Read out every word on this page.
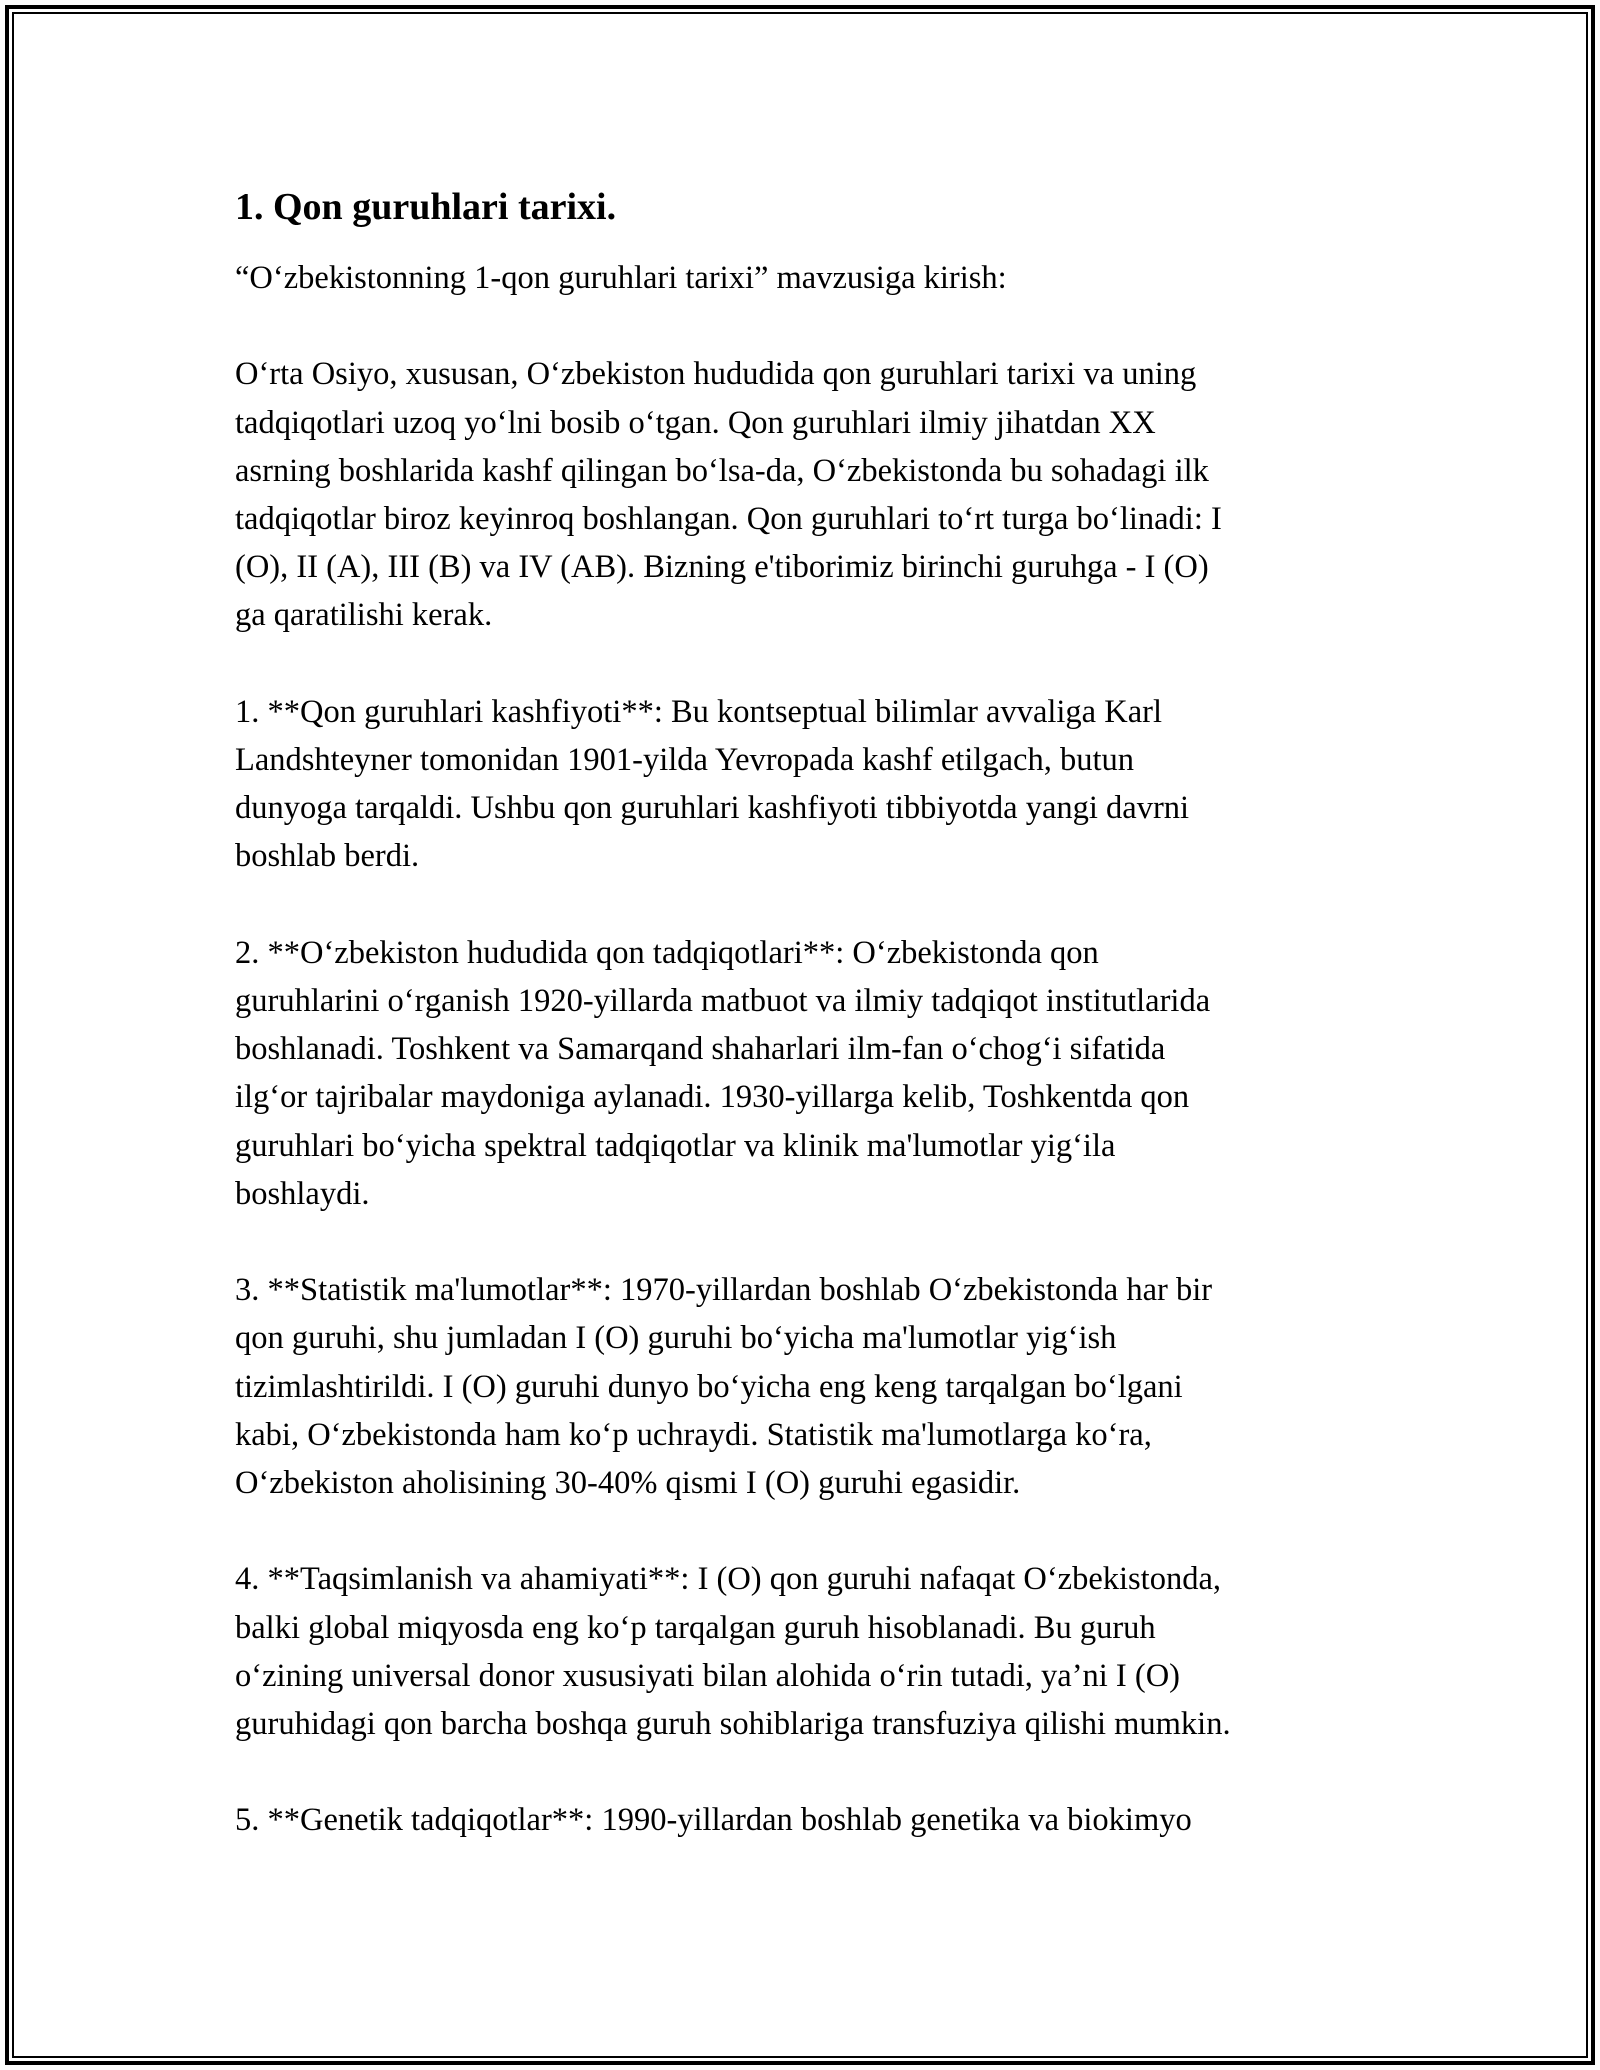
1. Qon guruhlari tarixi.

“Oʻzbekistonning 1-qon guruhlari tarixi” mavzusiga kirish:

Oʻrta Osiyo, xususan, Oʻzbekiston hududida qon guruhlari tarixi va uning
tadqiqotlari uzoq yoʻlni bosib oʻtgan. Qon guruhlari ilmiy jihatdan XX
asrning boshlarida kashf qilingan boʻlsa-da, Oʻzbekistonda bu sohadagi ilk
tadqiqotlar biroz keyinroq boshlangan. Qon guruhlari toʻrt turga boʻlinadi: I
(O), II (A), III (B) va IV (AB). Bizning e'tiborimiz birinchi guruhga - I (O)
ga qaratilishi kerak.

1. **Qon guruhlari kashfiyoti**: Bu kontseptual bilimlar avvaliga Karl
Landshteyner tomonidan 1901-yilda Yevropada kashf etilgach, butun
dunyoga tarqaldi. Ushbu qon guruhlari kashfiyoti tibbiyotda yangi davrni
boshlab berdi.

2. **Oʻzbekiston hududida qon tadqiqotlari**: Oʻzbekistonda qon
guruhlarini oʻrganish 1920-yillarda matbuot va ilmiy tadqiqot institutlarida
boshlanadi. Toshkent va Samarqand shaharlari ilm-fan oʻchogʻi sifatida
ilgʻor tajribalar maydoniga aylanadi. 1930-yillarga kelib, Toshkentda qon
guruhlari boʻyicha spektral tadqiqotlar va klinik ma'lumotlar yigʻila
boshlaydi.

3. **Statistik ma'lumotlar**: 1970-yillardan boshlab Oʻzbekistonda har bir
qon guruhi, shu jumladan I (O) guruhi boʻyicha ma'lumotlar yigʻish
tizimlashtirildi. I (O) guruhi dunyo boʻyicha eng keng tarqalgan boʻlgani
kabi, Oʻzbekistonda ham koʻp uchraydi. Statistik ma'lumotlarga koʻra,
Oʻzbekiston aholisining 30-40% qismi I (O) guruhi egasidir.

4. **Taqsimlanish va ahamiyati**: I (O) qon guruhi nafaqat Oʻzbekistonda,
balki global miqyosda eng koʻp tarqalgan guruh hisoblanadi. Bu guruh
oʻzining universal donor xususiyati bilan alohida oʻrin tutadi, ya’ni I (O)
guruhidagi qon barcha boshqa guruh sohiblariga transfuziya qilishi mumkin.

5. **Genetik tadqiqotlar**: 1990-yillardan boshlab genetika va biokimyo
